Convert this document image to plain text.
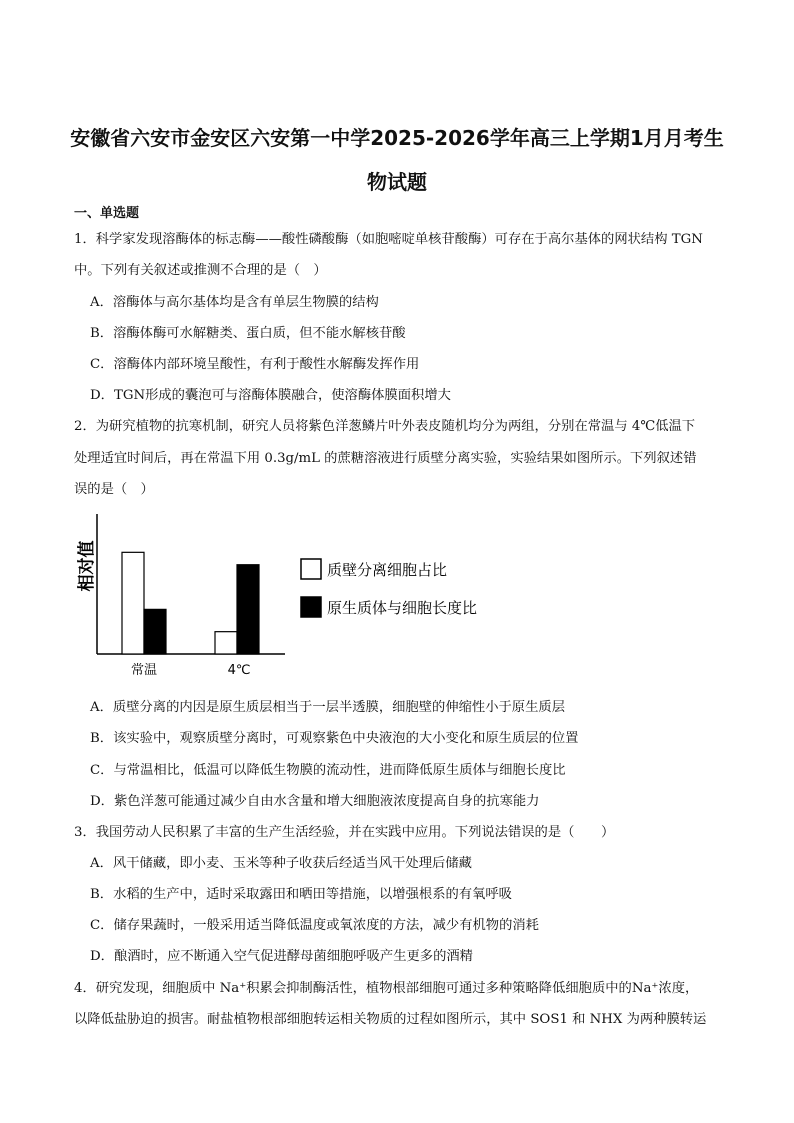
安徽省六安市金安区六安第一中学2025-2026学年高三上学期1月月考生
物试题
一、单选题
1．科学家发现溶酶体的标志酶——酸性磷酸酶（如胞嘧啶单核苷酸酶）可存在于高尔基体的网状结构 TGN
中。下列有关叙述或推测不合理的是（　）
A．溶酶体与高尔基体均是含有单层生物膜的结构
B．溶酶体酶可水解糖类、蛋白质，但不能水解核苷酸
C．溶酶体内部环境呈酸性，有利于酸性水解酶发挥作用
D．TGN形成的囊泡可与溶酶体膜融合，使溶酶体膜面积增大
2．为研究植物的抗寒机制，研究人员将紫色洋葱鳞片叶外表皮随机均分为两组，分别在常温与 4℃低温下
处理适宜时间后，再在常温下用 0.3g/mL 的蔗糖溶液进行质壁分离实验，实验结果如图所示。下列叙述错
误的是（　）
相对值
常温	4℃
质壁分离细胞占比
原生质体与细胞长度比
A．质壁分离的内因是原生质层相当于一层半透膜，细胞壁的伸缩性小于原生质层
B．该实验中，观察质壁分离时，可观察紫色中央液泡的大小变化和原生质层的位置
C．与常温相比，低温可以降低生物膜的流动性，进而降低原生质体与细胞长度比
D．紫色洋葱可能通过减少自由水含量和增大细胞液浓度提高自身的抗寒能力
3．我国劳动人民积累了丰富的生产生活经验，并在实践中应用。下列说法错误的是（　　）
A．风干储藏，即小麦、玉米等种子收获后经适当风干处理后储藏
B．水稻的生产中，适时采取露田和晒田等措施，以增强根系的有氧呼吸
C．储存果蔬时，一般采用适当降低温度或氧浓度的方法，减少有机物的消耗
D．酿酒时，应不断通入空气促进酵母菌细胞呼吸产生更多的酒精
4．研究发现，细胞质中 Na⁺积累会抑制酶活性，植物根部细胞可通过多种策略降低细胞质中的Na⁺浓度，
以降低盐胁迫的损害。耐盐植物根部细胞转运相关物质的过程如图所示，其中 SOS1 和 NHX 为两种膜转运
